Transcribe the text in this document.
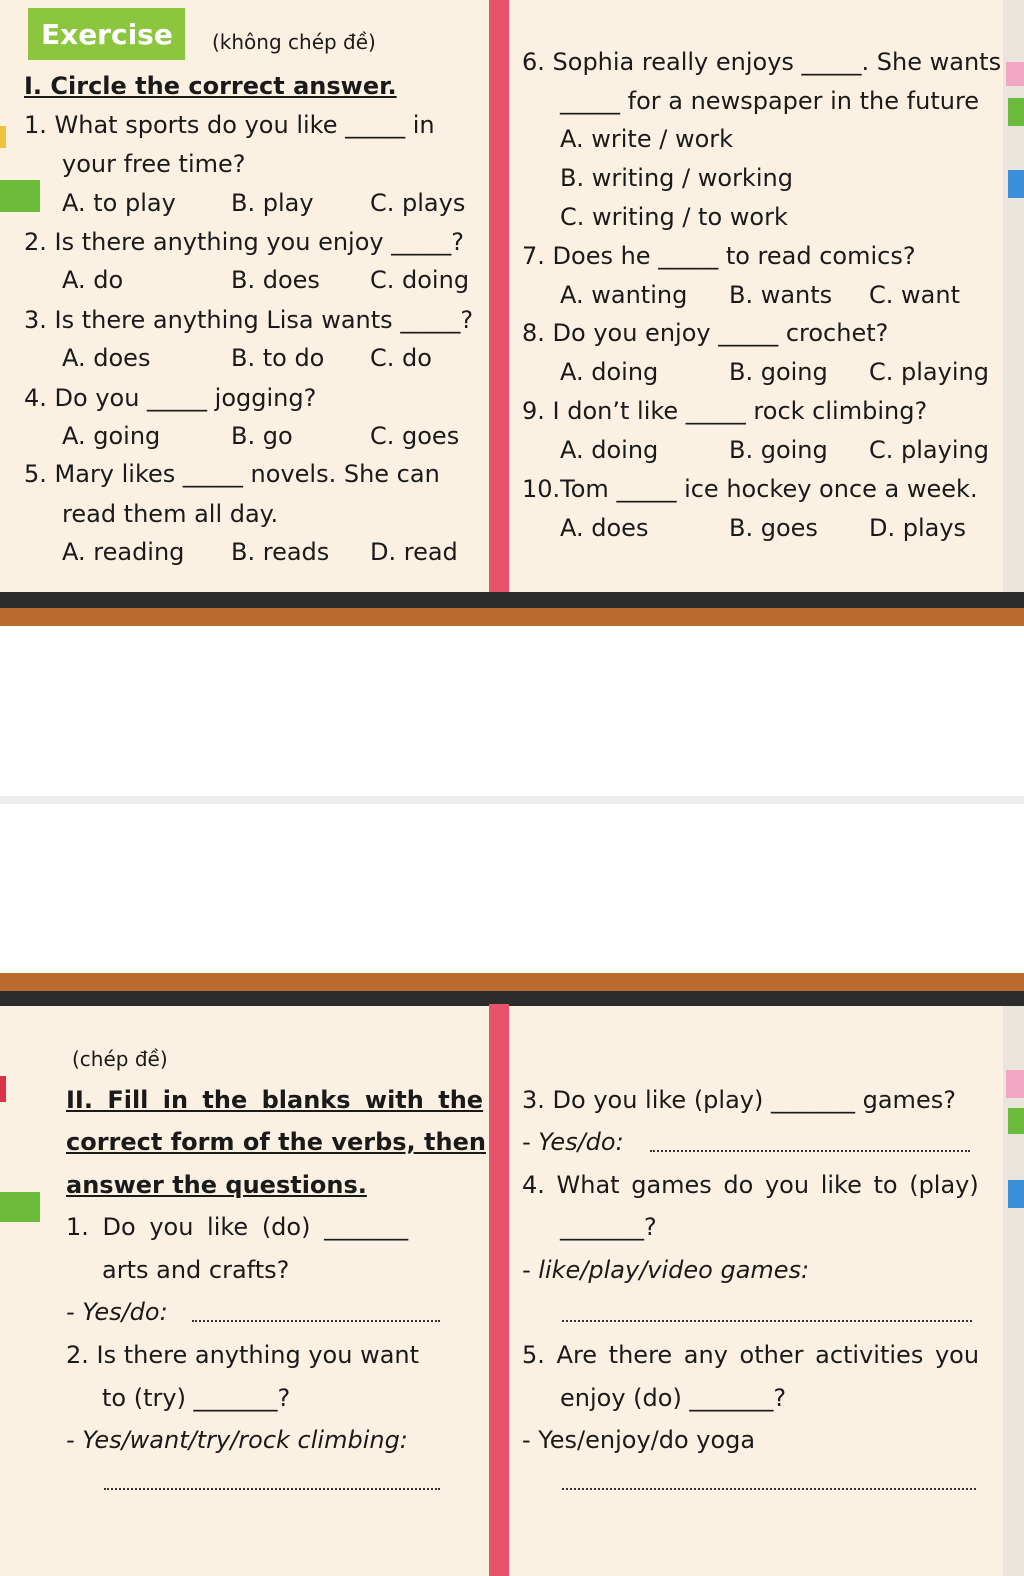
Exercise (không chép đề)
I. Circle the correct answer.
1. What sports do you like _____ in
your free time?
A. to play B. play C. plays
2. Is there anything you enjoy _____?
A. do	B. does C. doing
3. Is there anything Lisa wants _____?
A. does	B. to do C. do
4. Do you _____ jogging?
A. going	B. go	C. goes
5. Mary likes _____ novels. She can
read them all day.
A. reading B. reads D. read
6. Sophia really enjoys _____. She wants
_____ for a newspaper in the future
A. write / work
B. writing / working
C. writing / to work
7. Does he _____ to read comics?
A. wanting B. wants C. want
8. Do you enjoy _____ crochet?
A. doing	B. going C. playing
9. I don’t like _____ rock climbing?
A. doing	B. going C. playing
10.Tom _____ ice hockey once a week.
A. does	B. goes D. plays
(chép đề)
II. Fill in the blanks with the
correct form of the verbs, then
answer the questions.
1. Do you like (do) _______
arts and crafts?
- Yes/do:
2. Is there anything you want
to (try) _______?
- Yes/want/try/rock climbing:
3. Do you like (play) _______ games?
- Yes/do:
4. What games do you like to (play)
_______?
- like/play/video games:
5. Are there any other activities you
enjoy (do) _______?
- Yes/enjoy/do yoga
